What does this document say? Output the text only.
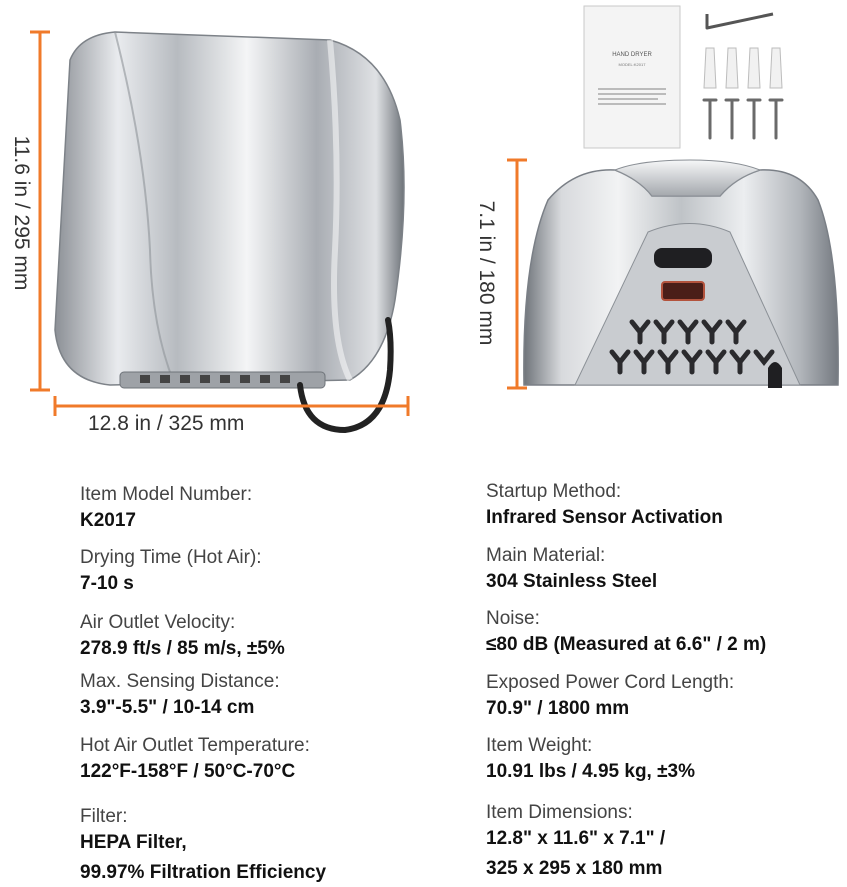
HAND DRYER
MODEL:K2017
11.6 in / 295 mm
12.8 in / 325 mm
7.1 in / 180 mm
Item Model Number:
K2017
Drying Time (Hot Air):
7-10 s
Air Outlet Velocity:
278.9 ft/s / 85 m/s, ±5%
Max. Sensing Distance:
3.9"-5.5" / 10-14 cm
Hot Air Outlet Temperature:
122°F-158°F / 50°C-70°C
Filter:
HEPA Filter,
99.97% Filtration Efficiency
Startup Method:
Infrared Sensor Activation
Main Material:
304 Stainless Steel
Noise:
≤80 dB (Measured at 6.6" / 2 m)
Exposed Power Cord Length:
70.9" / 1800 mm
Item Weight:
10.91 lbs / 4.95 kg, ±3%
Item Dimensions:
12.8" x 11.6" x 7.1" /
325 x 295 x 180 mm
